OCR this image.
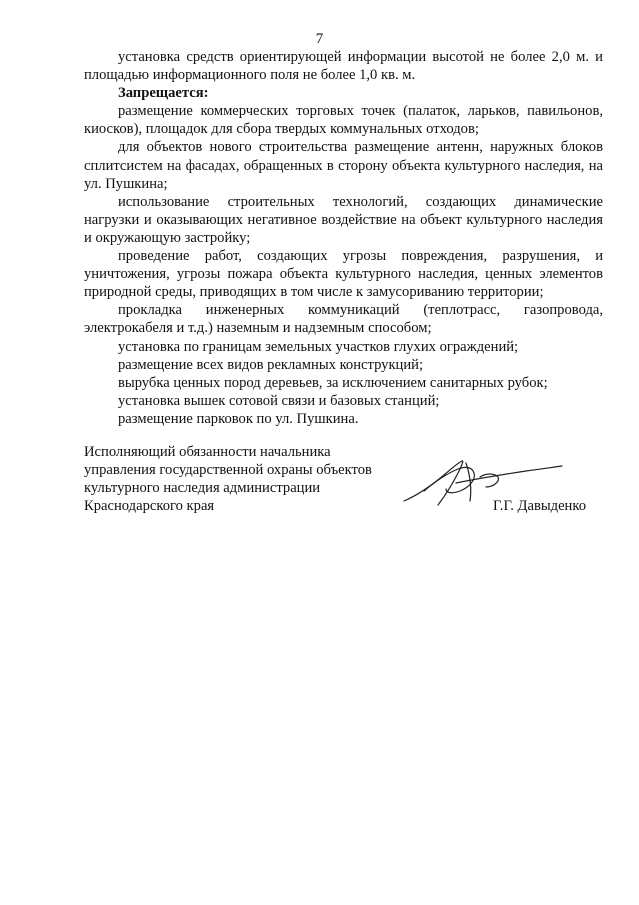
7

установка средств ориентирующей информации высотой не более 2,0 м. и площадью информационного поля не более 1,0 кв. м.

Запрещается:

размещение коммерческих торговых точек (палаток, ларьков, павильонов, киосков), площадок для сбора твердых коммунальных отходов;

для объектов нового строительства размещение антенн, наружных блоков сплитсистем на фасадах, обращенных в сторону объекта культурного наследия, на ул. Пушкина;

использование строительных технологий, создающих динамические нагрузки и оказывающих негативное воздействие на объект культурного наследия и окружающую застройку;

проведение работ, создающих угрозы повреждения, разрушения, и уничтожения, угрозы пожара объекта культурного наследия, ценных элементов природной среды, приводящих в том числе к замусориванию территории;

прокладка инженерных коммуникаций (теплотрасс, газопровода, электрокабеля и т.д.) наземным и надземным способом;

установка по границам земельных участков глухих ограждений;

размещение всех видов рекламных конструкций;

вырубка ценных пород деревьев, за исключением санитарных рубок;

установка вышек сотовой связи и базовых станций;

размещение парковок по ул. Пушкина.

Исполняющий обязанности начальника

управления государственной охраны объектов

культурного наследия администрации

Краснодарского края	Г.Г. Давыденко
